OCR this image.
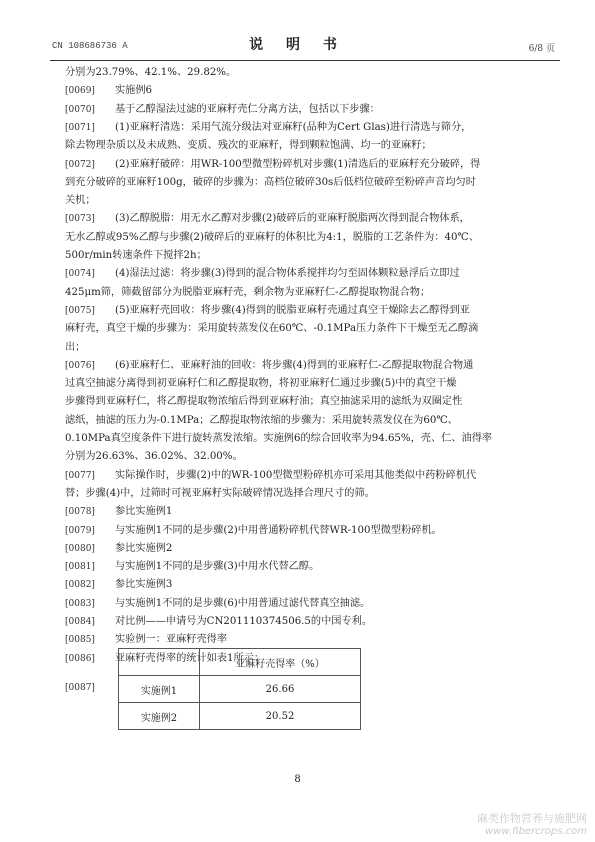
CN 108686736 A	说 明 书	6/8 页
分别为23.79%、42.1%、29.82%。
[0069] 实施例6
[0070] 基于乙醇湿法过滤的亚麻籽壳仁分离方法，包括以下步骤：
[0071] (1)亚麻籽清选：采用气流分级法对亚麻籽(品种为Cert Glas)进行清选与筛分，
除去物理杂质以及未成熟、变质、残次的亚麻籽，得到颗粒饱满、均一的亚麻籽；
[0072] (2)亚麻籽破碎：用WR-100型微型粉碎机对步骤(1)清选后的亚麻籽充分破碎，得
到充分破碎的亚麻籽100g，破碎的步骤为：高档位破碎30s后低档位破碎至粉碎声音均匀时
关机；
[0073] (3)乙醇脱脂：用无水乙醇对步骤(2)破碎后的亚麻籽脱脂两次得到混合物体系，
无水乙醇或95%乙醇与步骤(2)破碎后的亚麻籽的体积比为4:1，脱脂的工艺条件为：40℃、
500r/min转速条件下搅拌2h；
[0074] (4)湿法过滤：将步骤(3)得到的混合物体系搅拌均匀至固体颗粒悬浮后立即过
425μm筛，筛截留部分为脱脂亚麻籽壳，剩余物为亚麻籽仁-乙醇提取物混合物；
[0075] (5)亚麻籽壳回收：将步骤(4)得到的脱脂亚麻籽壳通过真空干燥除去乙醇得到亚
麻籽壳，真空干燥的步骤为：采用旋转蒸发仪在60℃、-0.1MPa压力条件下干燥至无乙醇滴
出；
[0076] (6)亚麻籽仁、亚麻籽油的回收：将步骤(4)得到的亚麻籽仁-乙醇提取物混合物通
过真空抽滤分离得到初亚麻籽仁和乙醇提取物，将初亚麻籽仁通过步骤(5)中的真空干燥
步骤得到亚麻籽仁，将乙醇提取物浓缩后得到亚麻籽油；真空抽滤采用的滤纸为双圈定性
滤纸，抽滤的压力为-0.1MPa；乙醇提取物浓缩的步骤为：采用旋转蒸发仪在为60℃、
0.10MPa真空度条件下进行旋转蒸发浓缩。实施例6的综合回收率为94.65%，壳、仁、油得率
分别为26.63%、36.02%、32.00%。
[0077] 实际操作时，步骤(2)中的WR-100型微型粉碎机亦可采用其他类似中药粉碎机代
替；步骤(4)中，过筛时可视亚麻籽实际破碎情况选择合理尺寸的筛。
[0078] 参比实施例1
[0079] 与实施例1不同的是步骤(2)中用普通粉碎机代替WR-100型微型粉碎机。
[0080] 参比实施例2
[0081] 与实施例1不同的是步骤(3)中用水代替乙醇。
[0082] 参比实施例3
[0083] 与实施例1不同的是步骤(6)中用普通过滤代替真空抽滤。
[0084] 对比例——申请号为CN201110374506.5的中国专利。
[0085] 实验例一：亚麻籽壳得率
[0086] 亚麻籽壳得率的统计如表1所示：
[0087]
	亚麻籽壳得率（%）
实施例1	26.66
实施例2	20.52
8
麻类作物营养与施肥网
www.fibercrops.com
